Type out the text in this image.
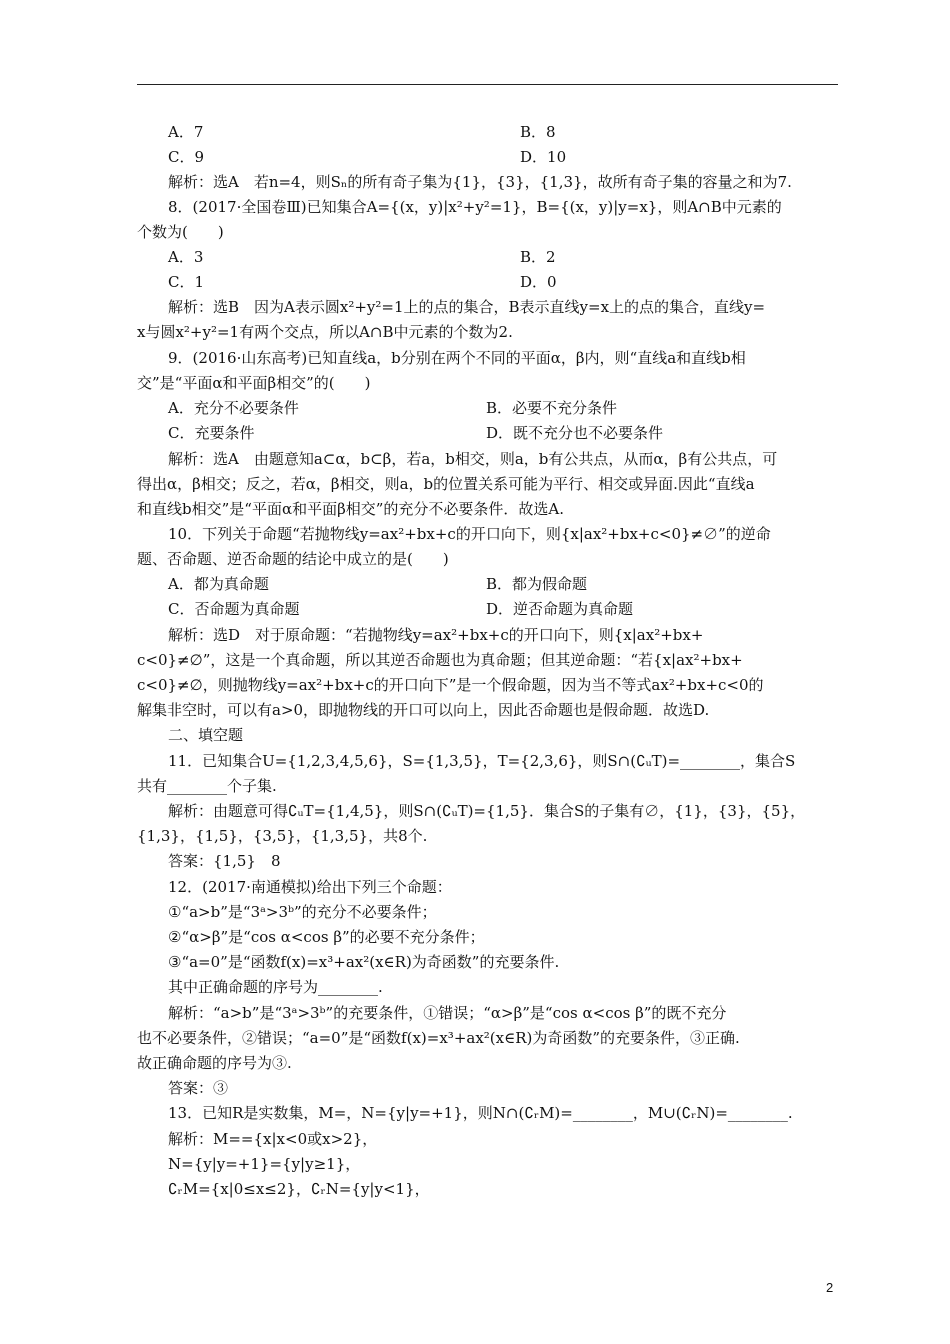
A．7	B．8
C．9	D．10
解析：选A　若n=4，则Sₙ的所有奇子集为{1}，{3}，{1,3}，故所有奇子集的容量之和为7.
8．(2017·全国卷Ⅲ)已知集合A={(x，y)|x²+y²=1}，B={(x，y)|y=x}，则A∩B中元素的
个数为(　　)
A．3	B．2
C．1	D．0
解析：选B　因为A表示圆x²+y²=1上的点的集合，B表示直线y=x上的点的集合，直线y=
x与圆x²+y²=1有两个交点，所以A∩B中元素的个数为2.
9．(2016·山东高考)已知直线a，b分别在两个不同的平面α，β内，则“直线a和直线b相
交”是“平面α和平面β相交”的(　　)
A．充分不必要条件	B．必要不充分条件
C．充要条件	D．既不充分也不必要条件
解析：选A　由题意知a⊂α，b⊂β，若a，b相交，则a，b有公共点，从而α，β有公共点，可
得出α，β相交；反之，若α，β相交，则a，b的位置关系可能为平行、相交或异面.因此“直线a
和直线b相交”是“平面α和平面β相交”的充分不必要条件．故选A.
10．下列关于命题“若抛物线y=ax²+bx+c的开口向下，则{x|ax²+bx+c<0}≠∅”的逆命
题、否命题、逆否命题的结论中成立的是(　　)
A．都为真命题	B．都为假命题
C．否命题为真命题	D．逆否命题为真命题
解析：选D　对于原命题：“若抛物线y=ax²+bx+c的开口向下，则{x|ax²+bx+
c<0}≠∅”，这是一个真命题，所以其逆否命题也为真命题；但其逆命题：“若{x|ax²+bx+
c<0}≠∅，则抛物线y=ax²+bx+c的开口向下”是一个假命题，因为当不等式ax²+bx+c<0的
解集非空时，可以有a>0，即抛物线的开口可以向上，因此否命题也是假命题．故选D.
二、填空题
11．已知集合U={1,2,3,4,5,6}，S={1,3,5}，T={2,3,6}，则S∩(∁ᵤT)=________，集合S
共有________个子集.
解析：由题意可得∁ᵤT={1,4,5}，则S∩(∁ᵤT)={1,5}．集合S的子集有∅，{1}，{3}，{5}，
{1,3}，{1,5}，{3,5}，{1,3,5}，共8个.
答案：{1,5}　8
12．(2017·南通模拟)给出下列三个命题：
①“a>b”是“3ᵃ>3ᵇ”的充分不必要条件；
②“α>β”是“cos α<cos β”的必要不充分条件；
③“a=0”是“函数f(x)=x³+ax²(x∈R)为奇函数”的充要条件.
其中正确命题的序号为________.
解析：“a>b”是“3ᵃ>3ᵇ”的充要条件，①错误；“α>β”是“cos α<cos β”的既不充分
也不必要条件，②错误；“a=0”是“函数f(x)=x³+ax²(x∈R)为奇函数”的充要条件，③正确.
故正确命题的序号为③.
答案：③
13．已知R是实数集，M=，N={y|y=+1}，则N∩(∁ᵣM)=________，M∪(∁ᵣN)=________.
解析：M=={x|x<0或x>2}，
N={y|y=+1}={y|y≥1}，
∁ᵣM={x|0≤x≤2}，∁ᵣN={y|y<1}，
2
